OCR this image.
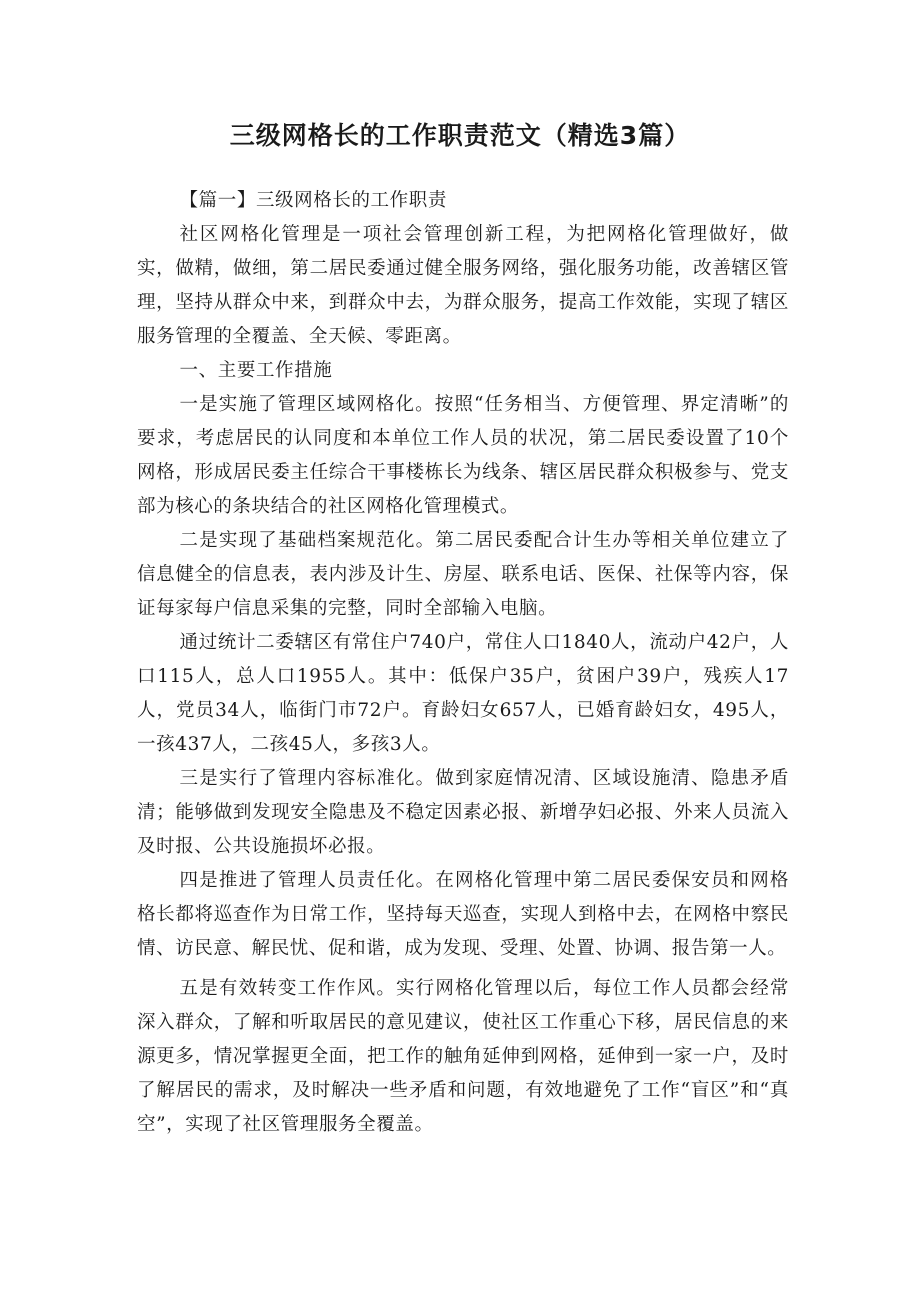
三级网格长的工作职责范文（精选3篇）

【篇一】三级网格长的工作职责

社区网格化管理是一项社会管理创新工程，为把网格化管理做好，做实，做精，做细，第二居民委通过健全服务网络，强化服务功能，改善辖区管理，坚持从群众中来，到群众中去，为群众服务，提高工作效能，实现了辖区服务管理的全覆盖、全天候、零距离。

一、主要工作措施

一是实施了管理区域网格化。按照“任务相当、方便管理、界定清晰”的要求，考虑居民的认同度和本单位工作人员的状况，第二居民委设置了10个网格，形成居民委主任综合干事楼栋长为线条、辖区居民群众积极参与、党支部为核心的条块结合的社区网格化管理模式。

二是实现了基础档案规范化。第二居民委配合计生办等相关单位建立了信息健全的信息表，表内涉及计生、房屋、联系电话、医保、社保等内容，保证每家每户信息采集的完整，同时全部输入电脑。

通过统计二委辖区有常住户740户，常住人口1840人，流动户42户，人口115人，总人口1955人。其中：低保户35户，贫困户39户，残疾人17人，党员34人，临街门市72户。育龄妇女657人，已婚育龄妇女，495人，一孩437人，二孩45人，多孩3人。

三是实行了管理内容标准化。做到家庭情况清、区域设施清、隐患矛盾清；能够做到发现安全隐患及不稳定因素必报、新增孕妇必报、外来人员流入及时报、公共设施损坏必报。

四是推进了管理人员责任化。在网格化管理中第二居民委保安员和网格格长都将巡查作为日常工作，坚持每天巡查，实现人到格中去，在网格中察民情、访民意、解民忧、促和谐，成为发现、受理、处置、协调、报告第一人。

五是有效转变工作作风。实行网格化管理以后，每位工作人员都会经常深入群众，了解和听取居民的意见建议，使社区工作重心下移，居民信息的来源更多，情况掌握更全面，把工作的触角延伸到网格，延伸到一家一户，及时了解居民的需求，及时解决一些矛盾和问题，有效地避免了工作“盲区”和“真空”，实现了社区管理服务全覆盖。
